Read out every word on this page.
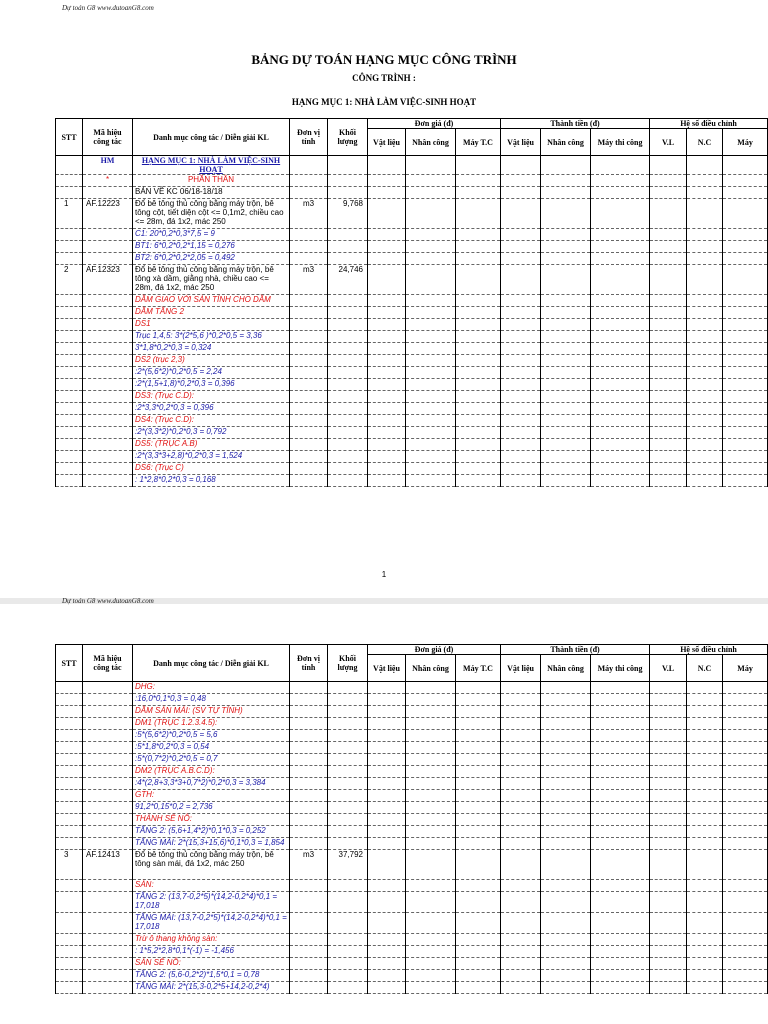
Dự toán G8 www.dutoanG8.com
BẢNG DỰ TOÁN HẠNG MỤC CÔNG TRÌNH
CÔNG TRÌNH :
HẠNG MỤC 1: NHÀ LÀM VIỆC-SINH HOẠT
STT	Mã hiệu công tác	Danh mục công tác / Diễn giải KL	Đơn vị tính	Khối lượng	Đơn giá (đ)			Thành tiền (đ)			Hệ số điều chỉnh		
					Vật liệu	Nhân công	Máy T.C	Vật liệu	Nhân công	Máy thi công	V.L	N.C	Máy
	HM	HẠNG MỤC 1: NHÀ LÀM VIỆC-SINH HOẠT											
	*	PHẦN THÂN											
		BẢN VẼ KC 06/18-18/18											
1	AF.12223	Đổ bê tông thủ công bằng máy trộn, bê tông cột, tiết diện cột <= 0,1m2, chiều cao <= 28m, đá 1x2, mác 250	m3	9,768									
		C1: 20*0,2*0,3*7,5 = 9											
		BT1: 6*0,2*0,2*1,15 = 0,276											
		BT2: 6*0,2*0,2*2,05 = 0,492											
2	AF.12323	Đổ bê tông thủ công bằng máy trộn, bê tông xà dầm, giằng nhà, chiều cao <= 28m, đá 1x2, mác 250	m3	24,746									
		DẦM GIAO VỚI SÀN TÍNH CHO DẦM											
		DẦM TẦNG 2											
		DS1											
		Trục 1,4,5: 3*(2*5,6 )*0,2*0,5 = 3,36											
		3*1,8*0,2*0,3 = 0,324											
		DS2 (trục 2,3)											
		:2*(5,6*2)*0,2*0,5 = 2,24											
		:2*(1,5+1,8)*0,2*0,3 = 0,396											
		DS3: (Trục C.D):											
		:2*3,3*0,2*0,3 = 0,396											
		DS4: (Trục C.D):											
		:2*(3,3*2)*0,2*0,3 = 0,792											
		DS5: (TRỤC A.B)											
		:2*(3,3*3+2,8)*0,2*0,3 = 1,524											
		DS6: (Trục C)											
		: 1*2,8*0,2*0,3 = 0,168											
1
Dự toán G8 www.dutoanG8.com
STT	Mã hiệu công tác	Danh mục công tác / Diễn giải KL	Đơn vị tính	Khối lượng	Đơn giá (đ)			Thành tiền (đ)			Hệ số điều chỉnh		
					Vật liệu	Nhân công	Máy T.C	Vật liệu	Nhân công	Máy thi công	V.L	N.C	Máy
		DHG:											
		:16,0*0,1*0,3 = 0,48											
		DẦM SÀN MÁI: (SV TỰ TÍNH)											
		DM1 (TRỤC 1.2.3.4.5):											
		:5*(5,6*2)*0,2*0,5 = 5,6											
		:5*1,8*0,2*0,3 = 0,54											
		:5*(0,7*2)*0,2*0,5 = 0,7											
		DM2 (TRỤC A.B.C.D):											
		:4*(2,8+3,3*3+0,7*2)*0,2*0,3 = 3,384											
		GTH:											
		91,2*0,15*0,2 = 2,736											
		THÀNH SÊ NÔ:											
		TẦNG 2: (5,6+1,4*2)*0,1*0,3 = 0,252											
		TẦNG MÁI: 2*(15,3+15,6)*0,1*0,3 = 1,854											
3	AF.12413	Đổ bê tông thủ công bằng máy trộn, bê tông sàn mái, đá 1x2, mác 250	m3	37,792									
		SÀN:											
		TẦNG 2: (13,7-0,2*5)*(14,2-0,2*4)*0,1 = 17,018											
		TẦNG MÁI: (13,7-0,2*5)*(14,2-0,2*4)*0,1 = 17,018											
		Trừ ô thang không sàn:											
		: 1*5,2*2,8*0,1*(-1) = -1,456											
		SÀN SÊ NÔ:											
		TẦNG 2: (5,6-0,2*2)*1,5*0,1 = 0,78											
		TẦNG MÁI: 2*(15,3-0,2*5+14,2-0,2*4)											
